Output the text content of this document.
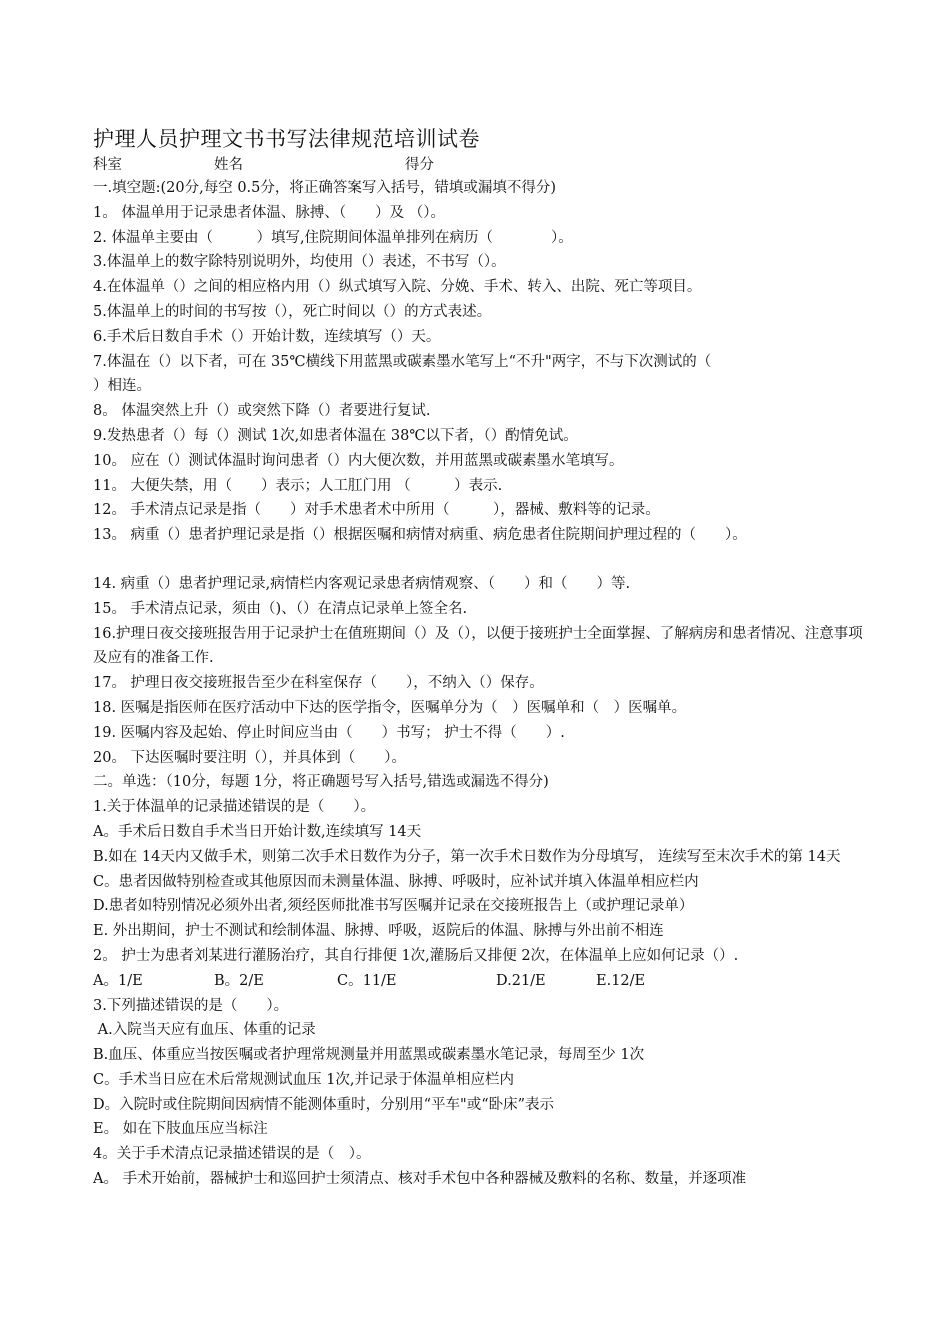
护理人员护理文书书写法律规范培训试卷
科室	姓名	得分
一.填空题:(20分,每空 0.5分，将正确答案写入括号，错填或漏填不得分)
1。 体温单用于记录患者体温、脉搏、（　　）及 （）。
2. 体温单主要由（　　　）填写,住院期间体温单排列在病历（　　　　）。
3.体温单上的数字除特别说明外，均使用（）表述，不书写（）。
4.在体温单（）之间的相应格内用（）纵式填写入院、分娩、手术、转入、出院、死亡等项目。
5.体温单上的时间的书写按（），死亡时间以（）的方式表述。
6.手术后日数自手术（）开始计数，连续填写（）天。
7.体温在（）以下者，可在 35℃横线下用蓝黑或碳素墨水笔写上“不升"两字，不与下次测试的（
）相连。
8。 体温突然上升（）或突然下降（）者要进行复试.
9.发热患者（）每（）测试 1次,如患者体温在 38℃以下者，（）酌情免试。
10。 应在（）测试体温时询问患者（）内大便次数，并用蓝黑或碳素墨水笔填写。
11。 大便失禁，用（　　）表示；人工肛门用 （　　　）表示.
12。 手术清点记录是指（　　）对手术患者术中所用（　　　），器械、敷料等的记录。
13。 病重（）患者护理记录是指（）根据医嘱和病情对病重、病危患者住院期间护理过程的（　　）。
14. 病重（）患者护理记录,病情栏内客观记录患者病情观察、（　　）和（　　）等.
15。 手术清点记录，须由（)、（）在清点记录单上签全名.
16.护理日夜交接班报告用于记录护士在值班期间（）及（），以便于接班护士全面掌握、了解病房和患者情况、注意事项及应有的准备工作.
17。 护理日夜交接班报告至少在科室保存（　　），不纳入（）保存。
18. 医嘱是指医师在医疗活动中下达的医学指令，医嘱单分为（　）医嘱单和（　）医嘱单。
19. 医嘱内容及起始、停止时间应当由（　　）书写； 护士不得（　　）.
20。 下达医嘱时要注明（），并具体到（　　）。
二。单选：（10分，每题 1分，将正确题号写入括号,错选或漏选不得分)
1.关于体温单的记录描述错误的是（　　）。
A。手术后日数自手术当日开始计数,连续填写 14天
B.如在 14天内又做手术，则第二次手术日数作为分子，第一次手术日数作为分母填写， 连续写至末次手术的第 14天
C。患者因做特别检查或其他原因而未测量体温、脉搏、呼吸时，应补试并填入体温单相应栏内
D.患者如特别情况必须外出者,须经医师批准书写医嘱并记录在交接班报告上（或护理记录单）
E. 外出期间，护士不测试和绘制体温、脉搏、呼吸，返院后的体温、脉搏与外出前不相连
2。 护士为患者刘某进行灌肠治疗，其自行排便 1次,灌肠后又排便 2次，在体温单上应如何记录（）.
A。1/E	B。2/E	C。11/E	D.21/E	E.12/E
3.下列描述错误的是（　　）。
A.入院当天应有血压、体重的记录
B.血压、体重应当按医嘱或者护理常规测量并用蓝黑或碳素墨水笔记录，每周至少 1次
C。手术当日应在术后常规测试血压 1次,并记录于体温单相应栏内
D。入院时或住院期间因病情不能测体重时，分别用“平车"或“卧床”表示
E。 如在下肢血压应当标注
4。关于手术清点记录描述错误的是（　）。
A。 手术开始前，器械护士和巡回护士须清点、核对手术包中各种器械及敷料的名称、数量，并逐项准
